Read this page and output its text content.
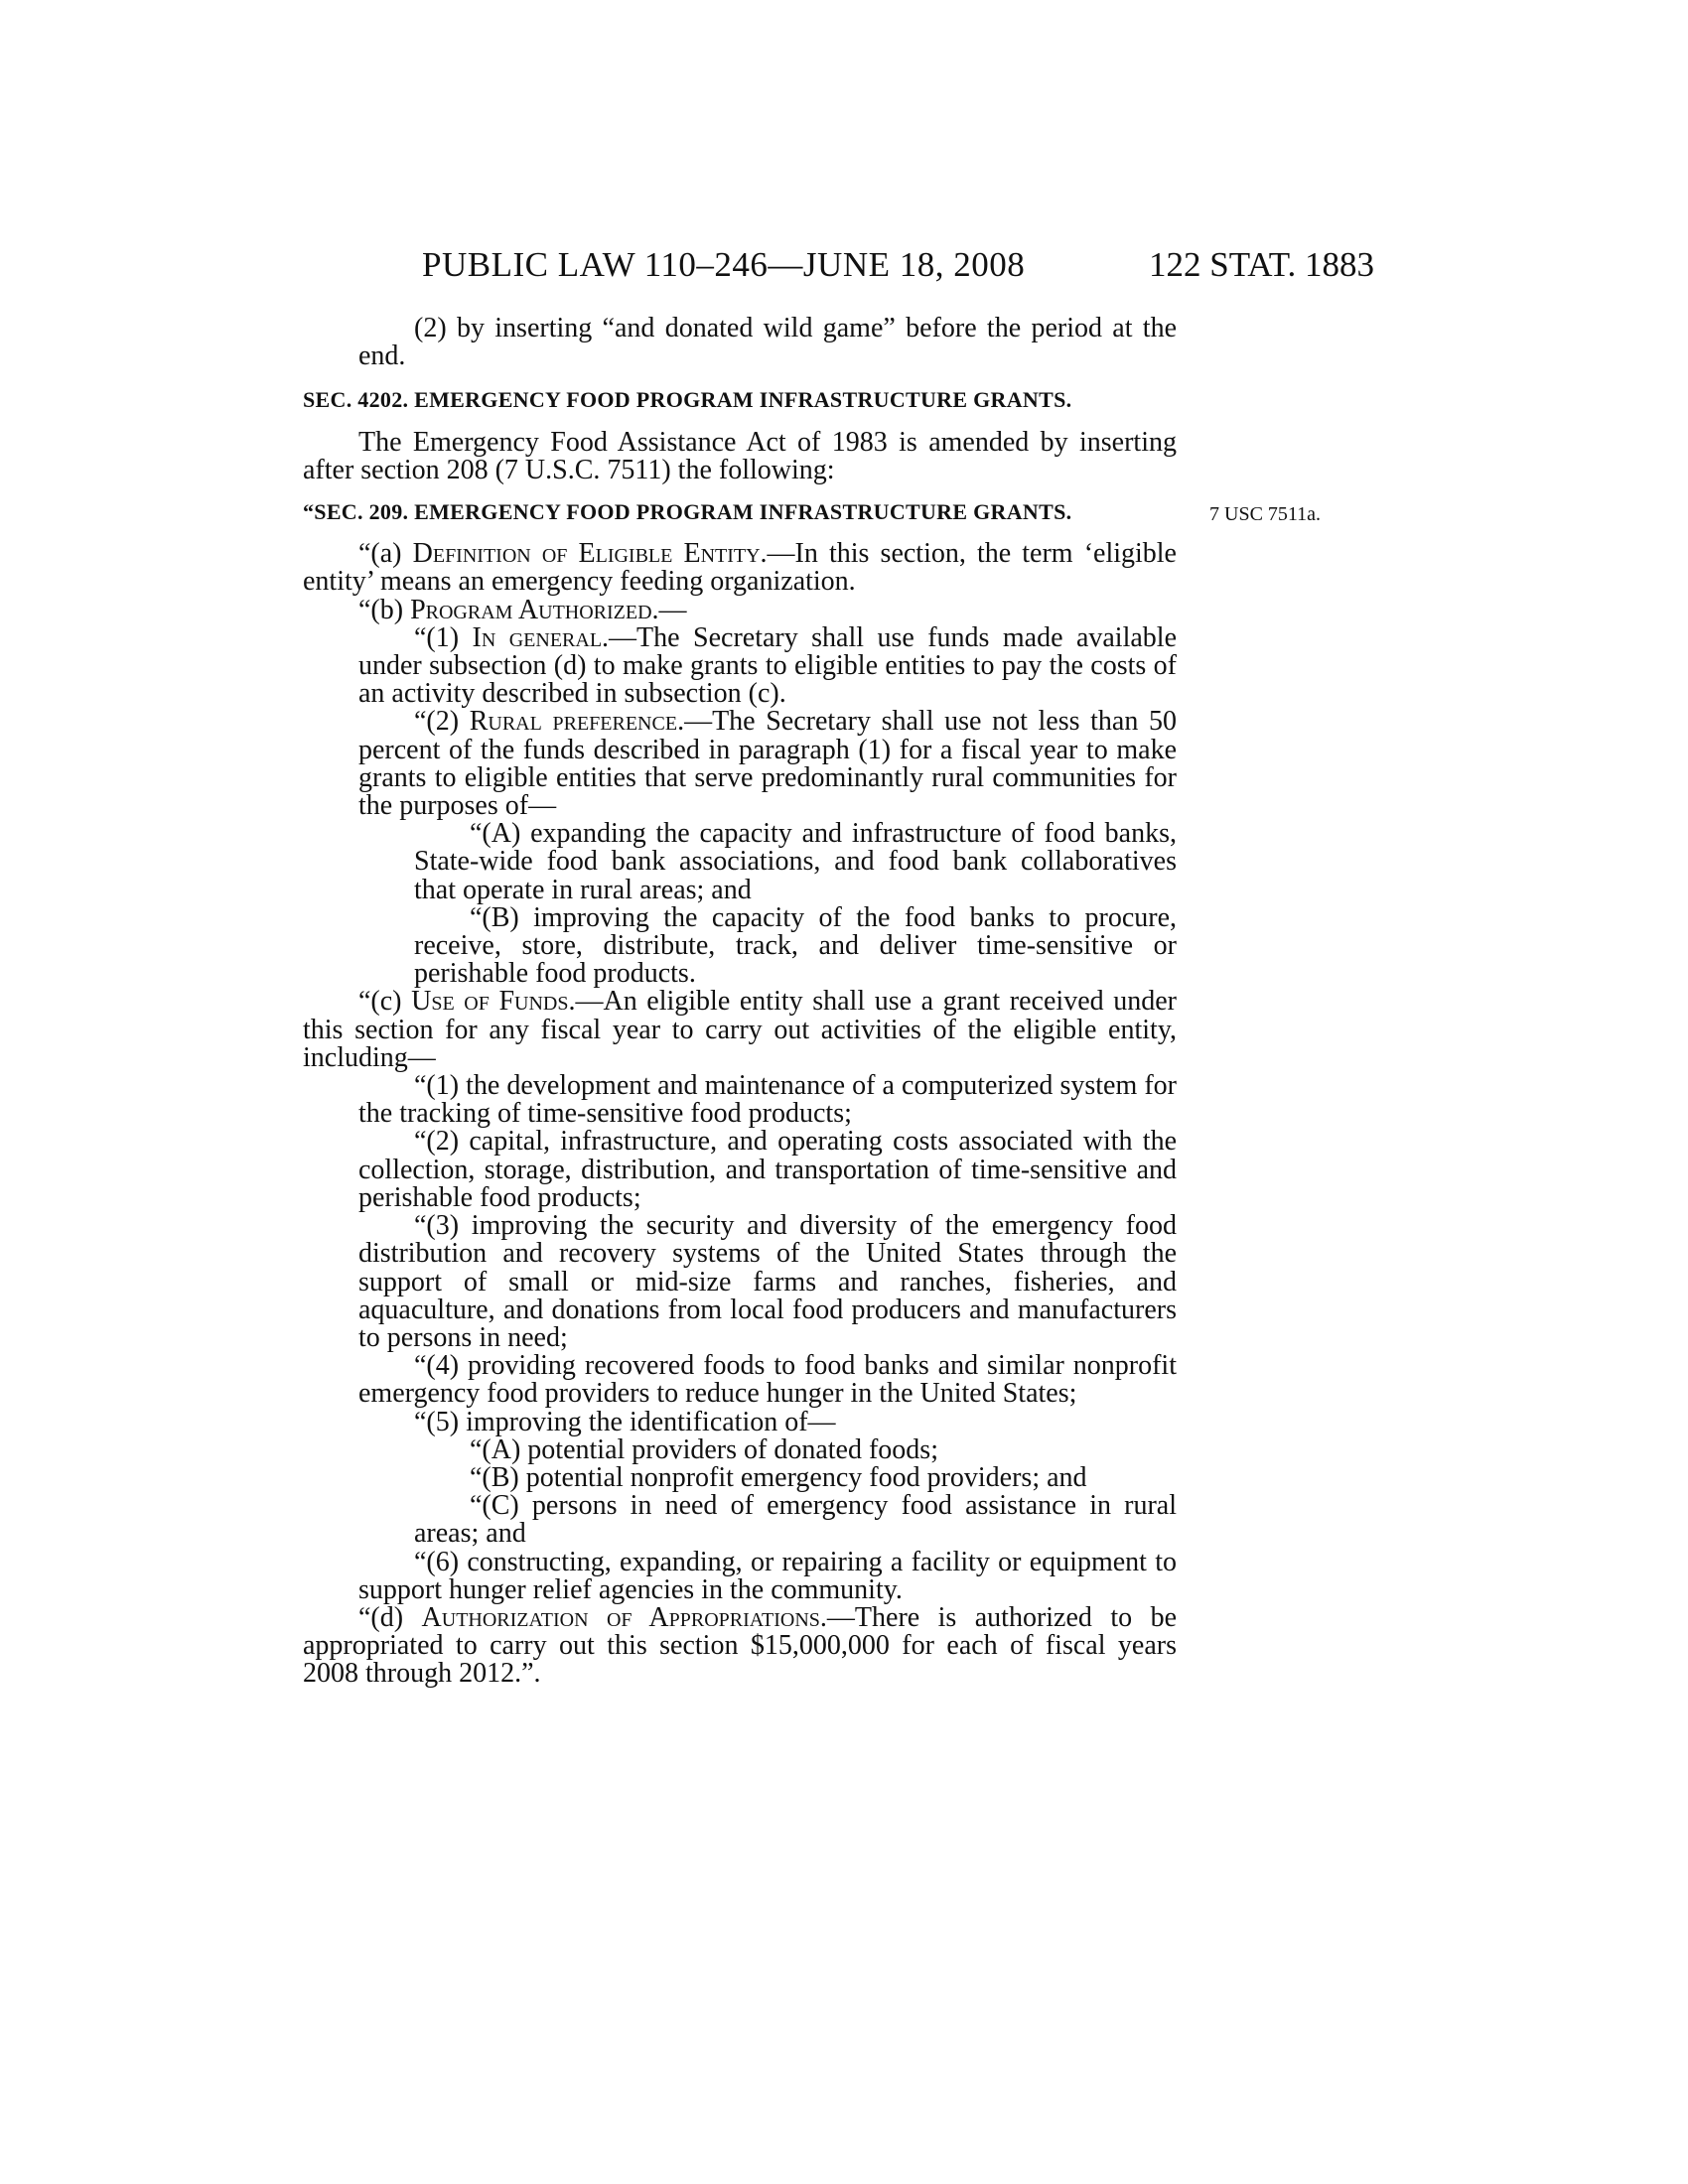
PUBLIC LAW 110–246—JUNE 18, 2008	122 STAT. 1883

(2) by inserting “and donated wild game” before the period at the end.

SEC. 4202. EMERGENCY FOOD PROGRAM INFRASTRUCTURE GRANTS.

The Emergency Food Assistance Act of 1983 is amended by inserting after section 208 (7 U.S.C. 7511) the following:

“SEC. 209. EMERGENCY FOOD PROGRAM INFRASTRUCTURE GRANTS.	7 USC 7511a.

“(a) Definition of Eligible Entity.—In this section, the term ‘eligible entity’ means an emergency feeding organization.

“(b) Program Authorized.—

“(1) In general.—The Secretary shall use funds made available under subsection (d) to make grants to eligible entities to pay the costs of an activity described in subsection (c).

“(2) Rural preference.—The Secretary shall use not less than 50 percent of the funds described in paragraph (1) for a fiscal year to make grants to eligible entities that serve predominantly rural communities for the purposes of—

“(A) expanding the capacity and infrastructure of food banks, State-wide food bank associations, and food bank collaboratives that operate in rural areas; and

“(B) improving the capacity of the food banks to procure, receive, store, distribute, track, and deliver time-sensitive or perishable food products.

“(c) Use of Funds.—An eligible entity shall use a grant received under this section for any fiscal year to carry out activities of the eligible entity, including—

“(1) the development and maintenance of a computerized system for the tracking of time-sensitive food products;

“(2) capital, infrastructure, and operating costs associated with the collection, storage, distribution, and transportation of time-sensitive and perishable food products;

“(3) improving the security and diversity of the emergency food distribution and recovery systems of the United States through the support of small or mid-size farms and ranches, fisheries, and aquaculture, and donations from local food producers and manufacturers to persons in need;

“(4) providing recovered foods to food banks and similar nonprofit emergency food providers to reduce hunger in the United States;

“(5) improving the identification of—

“(A) potential providers of donated foods;

“(B) potential nonprofit emergency food providers; and

“(C) persons in need of emergency food assistance in rural areas; and

“(6) constructing, expanding, or repairing a facility or equipment to support hunger relief agencies in the community.

“(d) Authorization of Appropriations.—There is authorized to be appropriated to carry out this section $15,000,000 for each of fiscal years 2008 through 2012.”.
